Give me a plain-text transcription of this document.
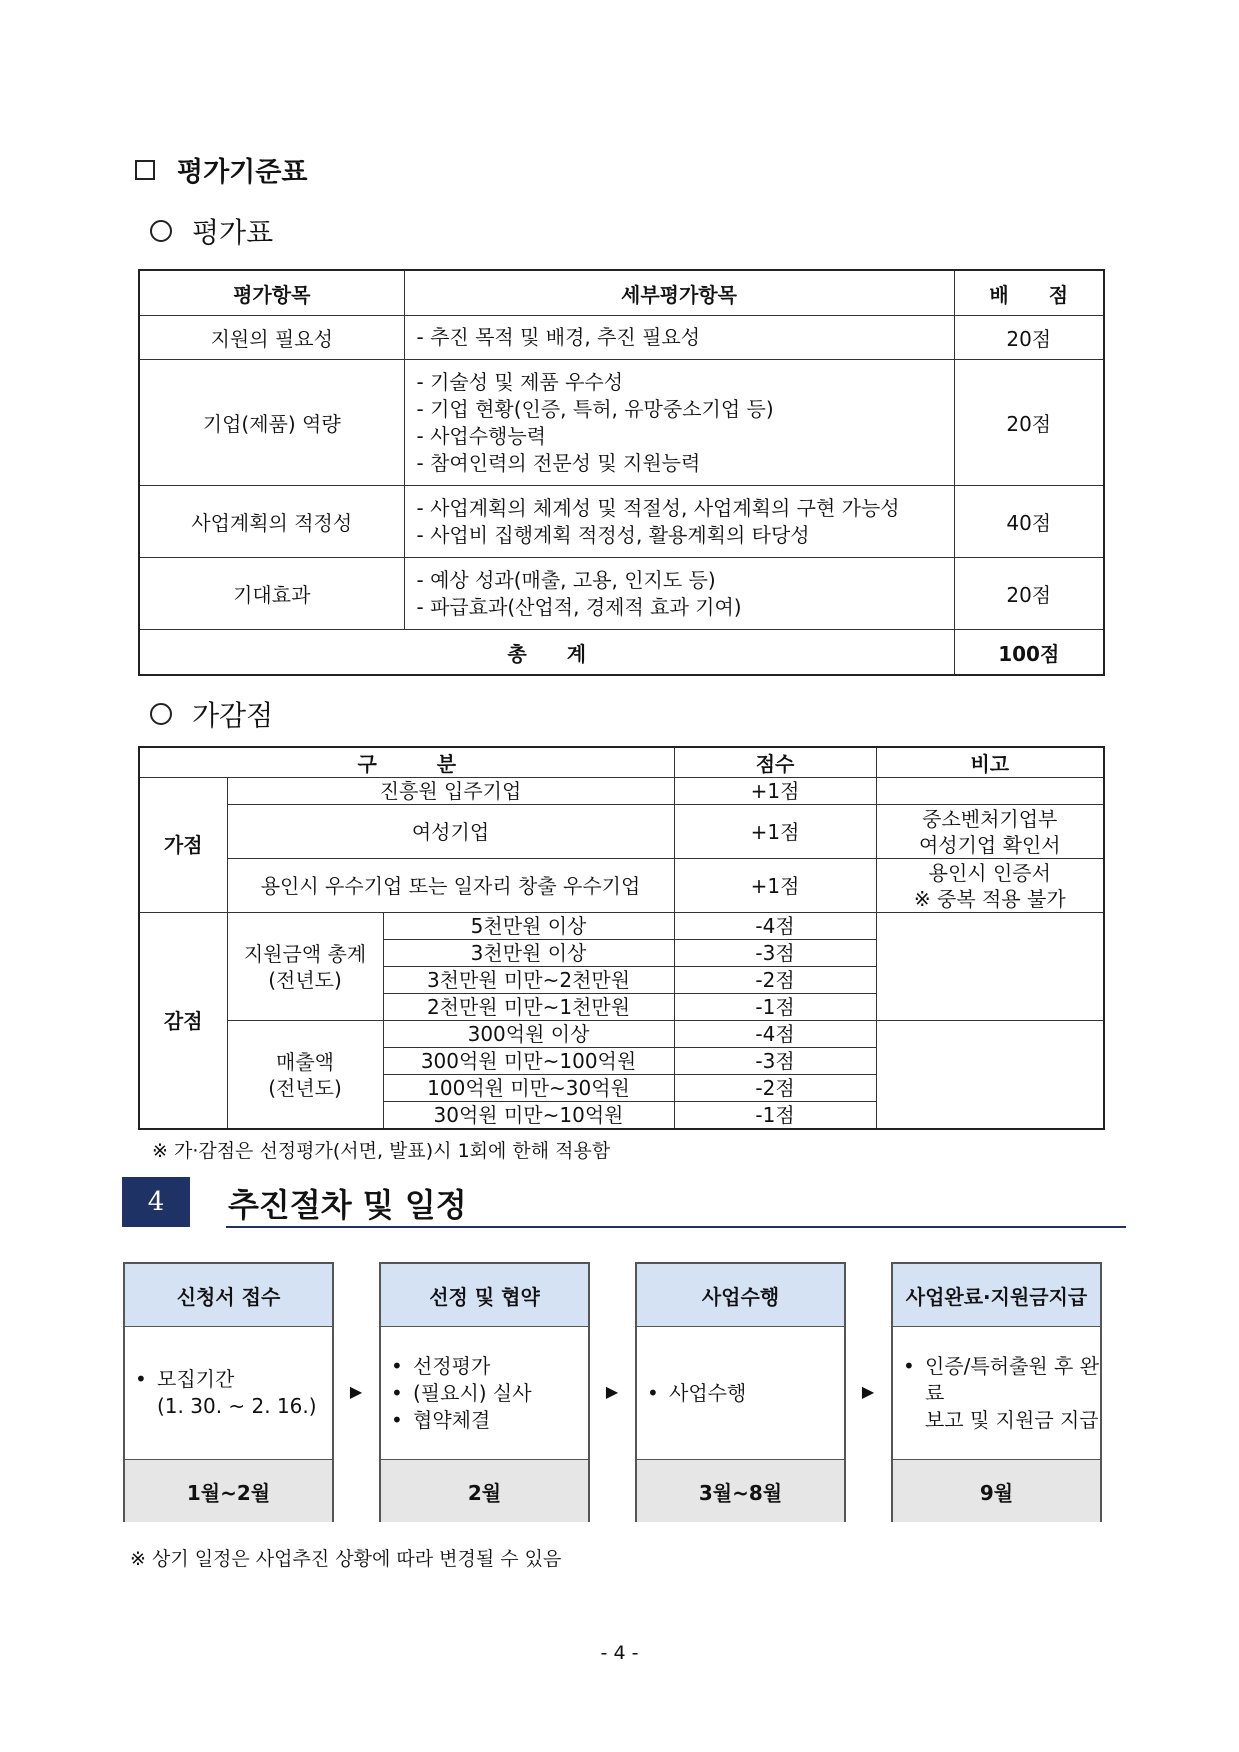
평가기준표
평가표
평가항목	세부평가항목	배　　점
지원의 필요성	- 추진 목적 및 배경, 추진 필요성	20점
기업(제품) 역량	- 기술성 및 제품 우수성
- 기업 현황(인증, 특허, 유망중소기업 등)
- 사업수행능력
- 참여인력의 전문성 및 지원능력	20점
사업계획의 적정성	- 사업계획의 체계성 및 적절성, 사업계획의 구현 가능성
- 사업비 집행계획 적정성, 활용계획의 타당성	40점
기대효과	- 예상 성과(매출, 고용, 인지도 등)
- 파급효과(산업적, 경제적 효과 기여)	20점
총　　계		100점
가감점
구　　　분			점수	비고
가점	진흥원 입주기업		+1점	
	여성기업		+1점	중소벤처기업부
여성기업 확인서

	용인시 우수기업 또는 일자리 창출 우수기업		+1점	용인시 인증서
※ 중복 적용 불가

감점	지원금액 총계
(전년도)	5천만원 이상	-4점	
		3천만원 이상	-3점	
		3천만원 미만~2천만원	-2점	
		2천만원 미만~1천만원	-1점	

	매출액
(전년도)	300억원 이상	-4점	
		300억원 미만~100억원	-3점	
		100억원 미만~30억원	-2점	
		30억원 미만~10억원	-1점	
※ 가·감점은 선정평가(서면, 발표)시 1회에 한해 적용함
4	추진절차 및 일정
신청서 접수
• 모집기간
(1. 30. ~ 2. 16.)
1월~2월
▶
선정 및 협약
• 선정평가
• (필요시) 실사
• 협약체결
2월
▶
사업수행
• 사업수행
3월~8월
▶
사업완료·지원금지급
• 인증/특허출원 후 완료
보고 및 지원금 지급
9월
※ 상기 일정은 사업추진 상황에 따라 변경될 수 있음
- 4 -
